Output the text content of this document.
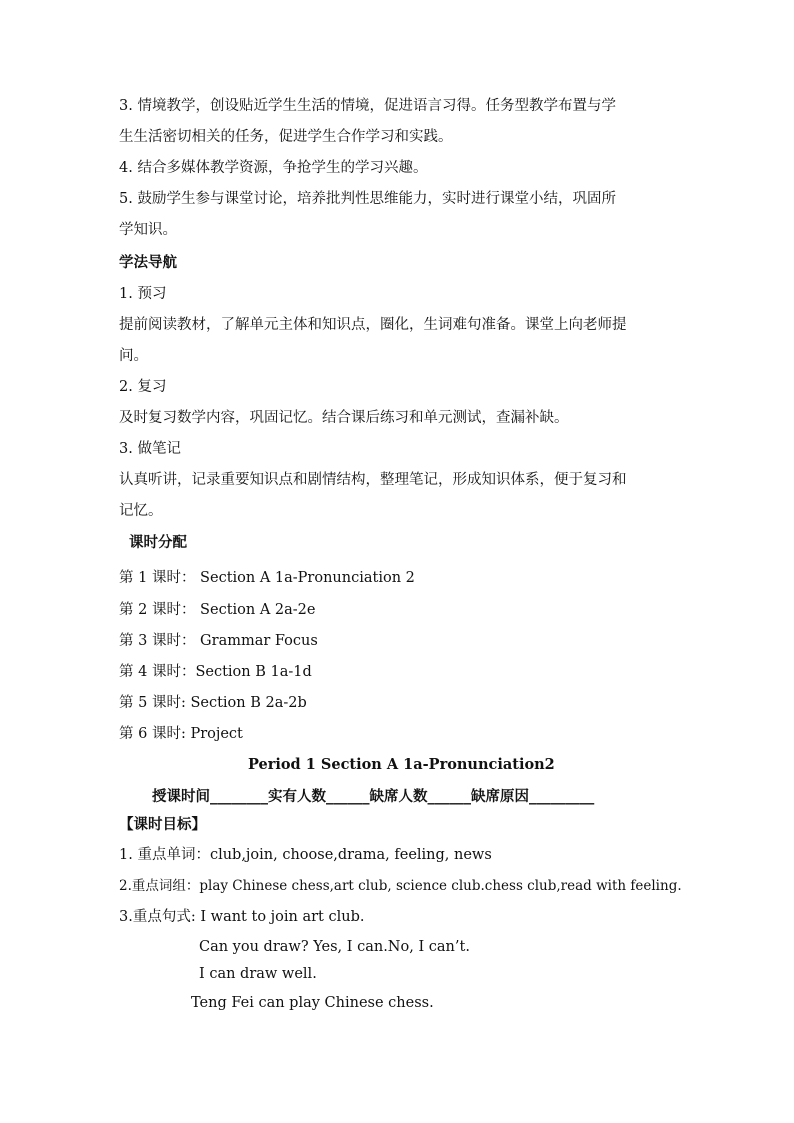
3. 情境教学，创设贴近学生生活的情境，促进语言习得。任务型教学布置与学
生生活密切相关的任务，促进学生合作学习和实践。
4. 结合多媒体教学资源，争抢学生的学习兴趣。
5. 鼓励学生参与课堂讨论，培养批判性思维能力，实时进行课堂小结，巩固所
学知识。
学法导航
1. 预习
提前阅读教材，了解单元主体和知识点，圈化，生词难句准备。课堂上向老师提
问。
2. 复习
及时复习数学内容，巩固记忆。结合课后练习和单元测试，查漏补缺。
3. 做笔记
认真听讲，记录重要知识点和剧情结构，整理笔记，形成知识体系，便于复习和
记忆。
课时分配
第 1 课时： Section A 1a-Pronunciation 2
第 2 课时： Section A 2a-2e
第 3 课时： Grammar Focus
第 4 课时：Section B 1a-1d
第 5 课时: Section B 2a-2b
第 6 课时: Project
Period 1 Section A 1a-Pronunciation2
授课时间________实有人数______缺席人数______缺席原因_________
【课时目标】
1. 重点单词：club,join, choose,drama, feeling, news
2.重点词组：play Chinese chess,art club, science club.chess club,read with feeling.
3.重点句式: I want to join art club.
Can you draw? Yes, I can.No, I can’t.
I can draw well.
Teng Fei can play Chinese chess.
